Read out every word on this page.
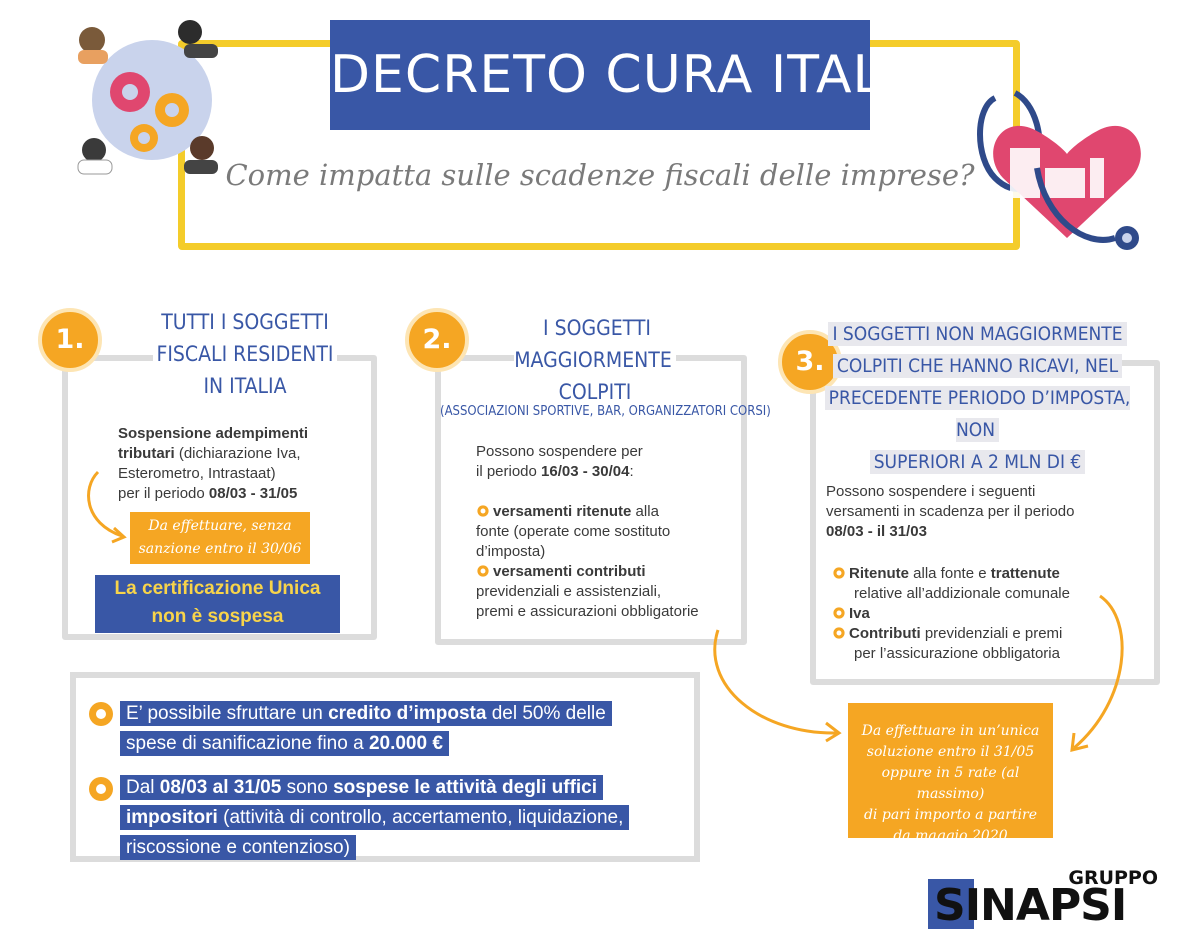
DECRETO CURA ITALIA
Come impatta sulle scadenze fiscali delle imprese?
1.
TUTTI I SOGGETTI
FISCALI RESIDENTI
IN ITALIA
Sospensione adempimenti
tributari (dichiarazione Iva,
Esterometro, Intrastaat)
per il periodo 08/03 - 31/05
Da effettuare, senza
sanzione entro il 30/06
La certificazione Unica
non è sospesa
2.	I SOGGETTI MAGGIORMENTE
COLPITI
(ASSOCIAZIONI SPORTIVE, BAR, ORGANIZZATORI CORSI)
Possono sospendere per
il periodo 16/03 - 30/04:
versamenti ritenute alla
fonte (operate come sostituto
d’imposta)
versamenti contributi
previdenziali e assistenziali,
premi e assicurazioni obbligatorie
3.
I SOGGETTI NON MAGGIORMENTE
COLPITI CHE HANNO RICAVI, NEL
PRECEDENTE PERIODO D’IMPOSTA, NON
SUPERIORI A 2 MLN DI €
Possono sospendere i seguenti
versamenti in scadenza per il periodo
08/03 - il 31/03
Ritenute alla fonte e trattenute
relative all’addizionale comunale
Iva
Contributi previdenziali e premi
per l’assicurazione obbligatoria
E’ possibile sfruttare un credito d’imposta del 50% delle
spese di sanificazione fino a 20.000 €
Dal 08/03 al 31/05 sono sospese le attività degli uffici
impositori (attività di controllo, accertamento, liquidazione,
riscossione e contenzioso)
Da effettuare in un’unica
soluzione entro il 31/05
oppure in 5 rate (al massimo)
di pari importo a partire
da maggio 2020
GRUPPO
SINAPSI
